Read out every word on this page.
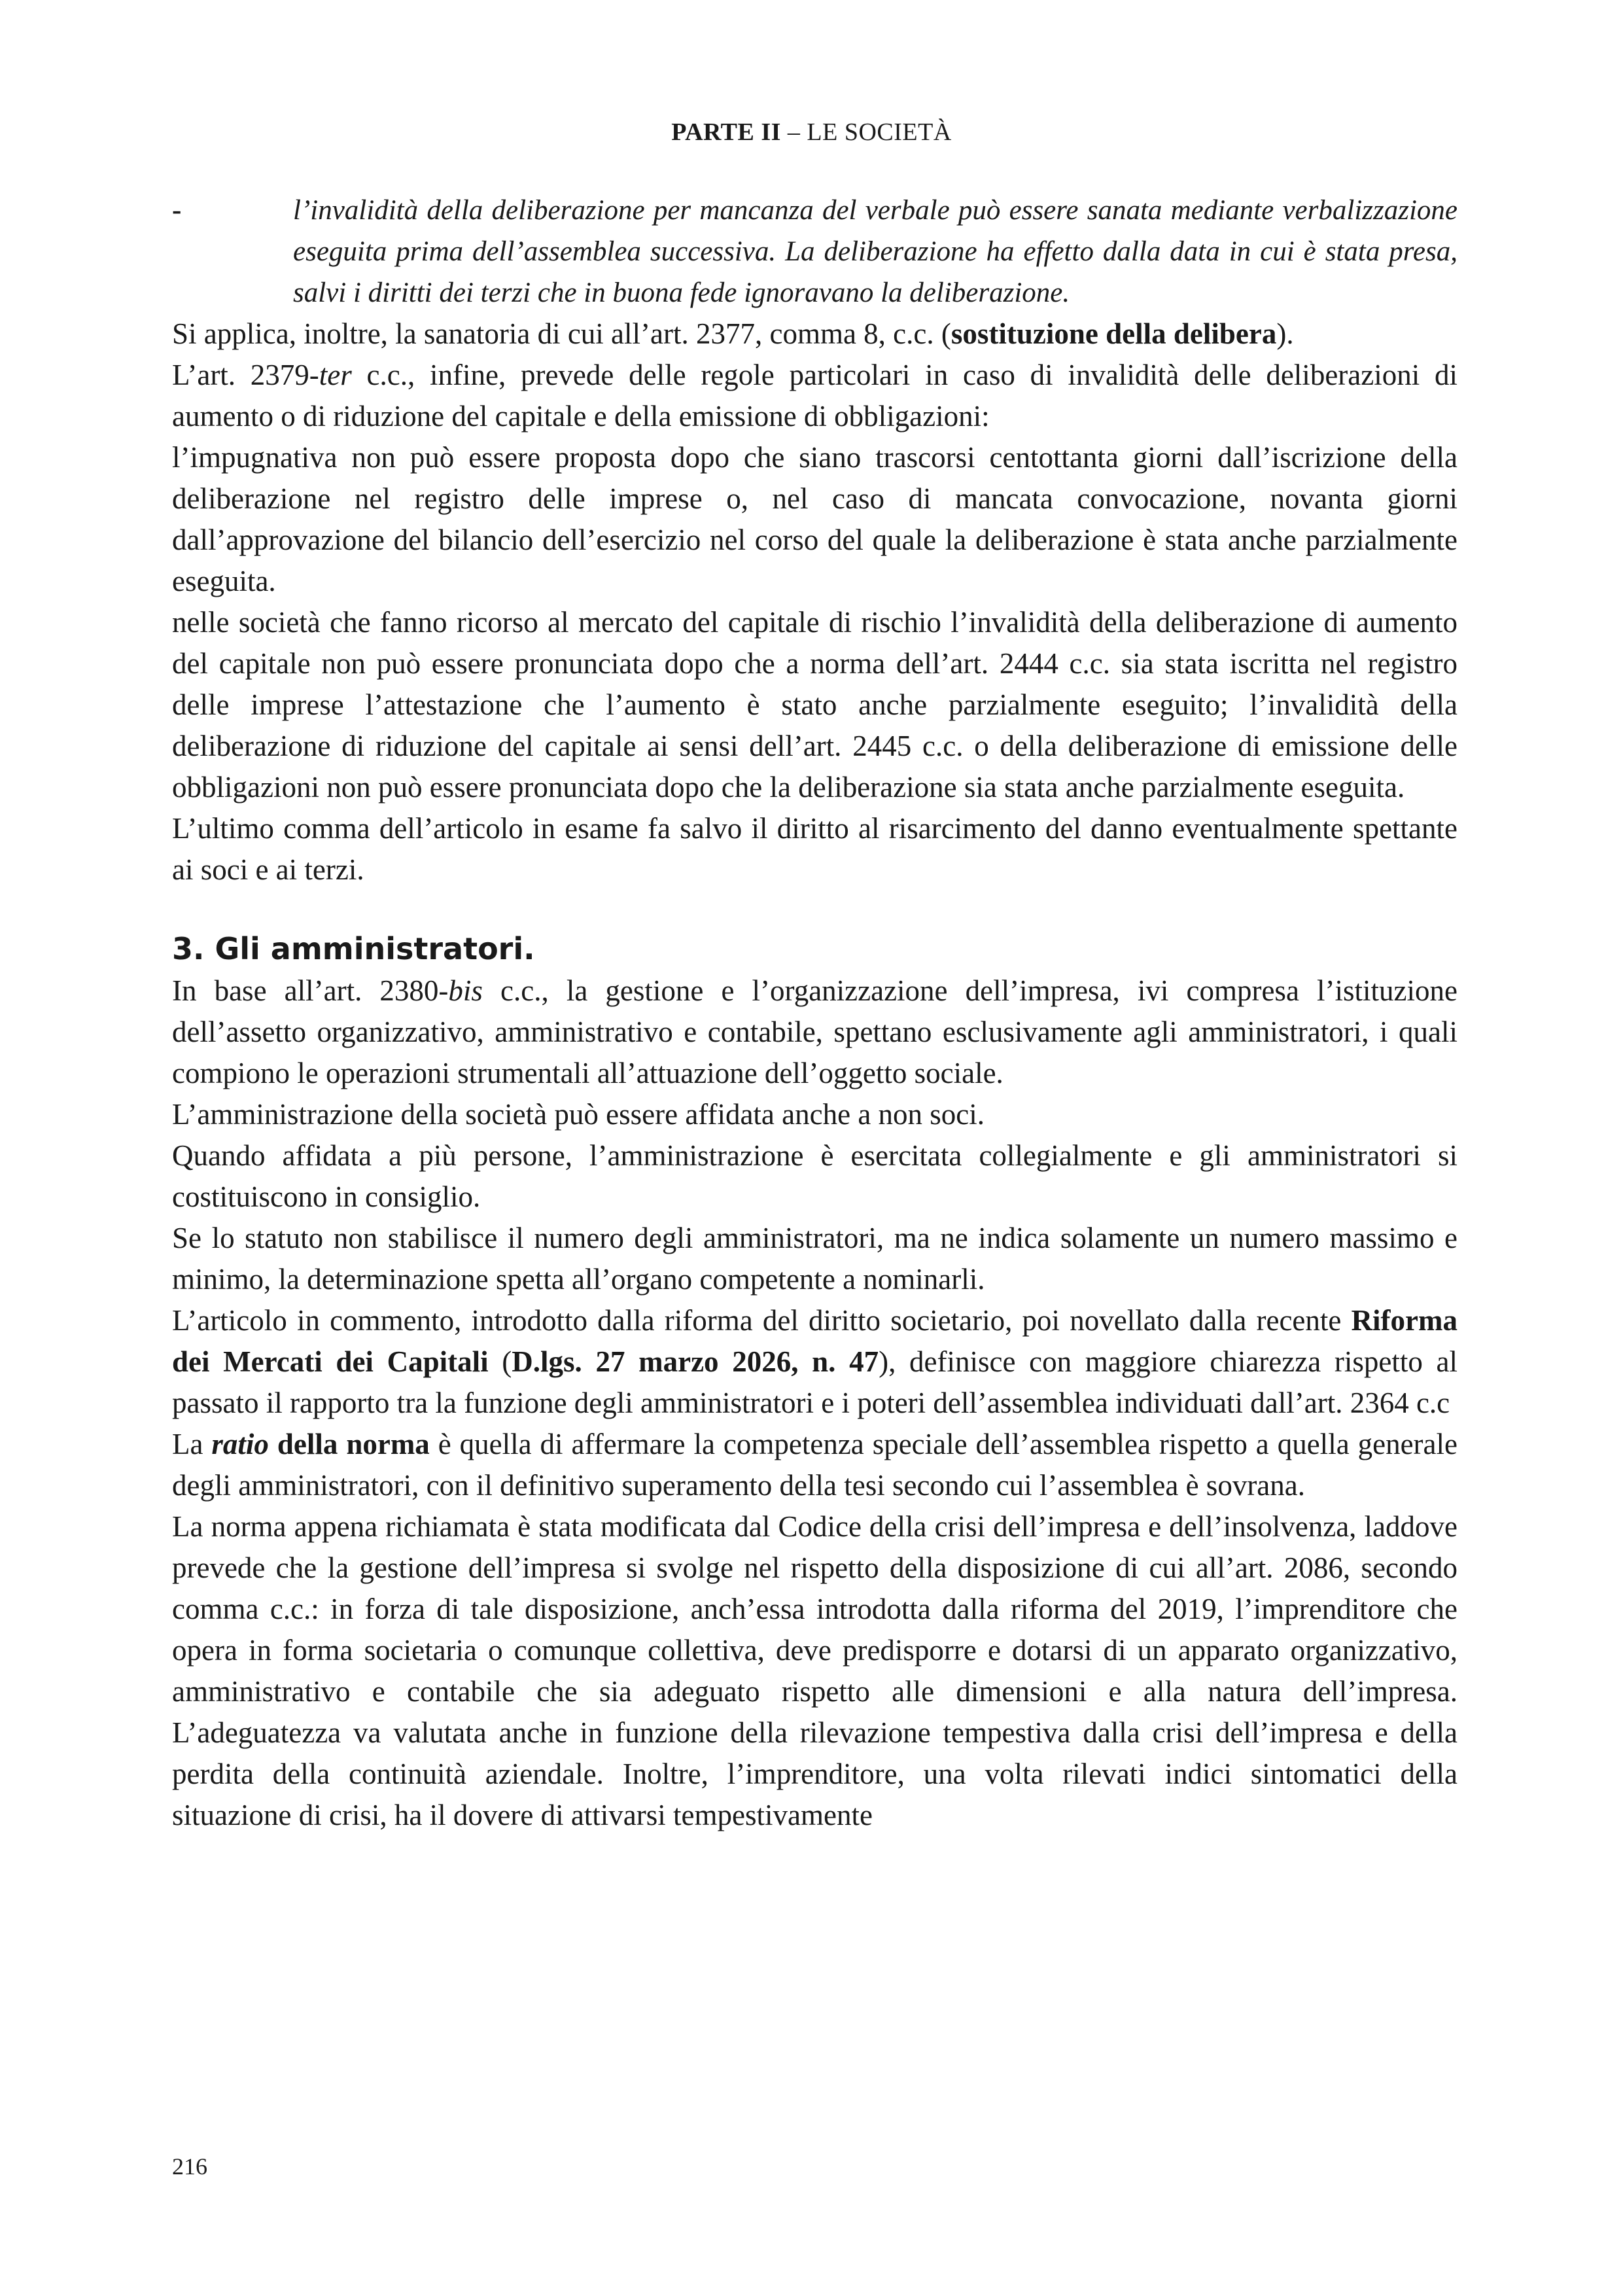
PARTE II – LE SOCIETÀ
-	l’invalidità della deliberazione per mancanza del verbale può essere sanata mediante verbalizzazione eseguita prima dell’assemblea successiva. La deliberazione ha effetto dalla data in cui è stata presa, salvi i diritti dei terzi che in buona fede ignoravano la deliberazione.

Si applica, inoltre, la sanatoria di cui all’art. 2377, comma 8, c.c. (sostituzione della delibera).

L’art. 2379-ter c.c., infine, prevede delle regole particolari in caso di invalidità delle deliberazioni di aumento o di riduzione del capitale e della emissione di obbligazioni:

l’impugnativa non può essere proposta dopo che siano trascorsi centottanta giorni dall’iscrizione della deliberazione nel registro delle imprese o, nel caso di mancata convocazione, novanta giorni dall’approvazione del bilancio dell’esercizio nel corso del quale la deliberazione è stata anche parzialmente eseguita.

nelle società che fanno ricorso al mercato del capitale di rischio l’invalidità della deliberazione di aumento del capitale non può essere pronunciata dopo che a norma dell’art. 2444 c.c. sia stata iscritta nel registro delle imprese l’attestazione che l’aumento è stato anche parzialmente eseguito; l’invalidità della deliberazione di riduzione del capitale ai sensi dell’art. 2445 c.c. o della deliberazione di emissione delle obbligazioni non può essere pronunciata dopo che la deliberazione sia stata anche parzialmente eseguita.

L’ultimo comma dell’articolo in esame fa salvo il diritto al risarcimento del danno eventualmente spettante ai soci e ai terzi.

3. Gli amministratori.

In base all’art. 2380-bis c.c., la gestione e l’organizzazione dell’impresa, ivi compresa l’istituzione dell’assetto organizzativo, amministrativo e contabile, spettano esclusivamente agli amministratori, i quali compiono le operazioni strumentali all’attuazione dell’oggetto sociale.

L’amministrazione della società può essere affidata anche a non soci.

Quando affidata a più persone, l’amministrazione è esercitata collegialmente e gli amministratori si costituiscono in consiglio.

Se lo statuto non stabilisce il numero degli amministratori, ma ne indica solamente un numero massimo e minimo, la determinazione spetta all’organo competente a nominarli.

L’articolo in commento, introdotto dalla riforma del diritto societario, poi novellato dalla recente Riforma dei Mercati dei Capitali (D.lgs. 27 marzo 2026, n. 47), definisce con maggiore chiarezza rispetto al passato il rapporto tra la funzione degli amministratori e i poteri dell’assemblea individuati dall’art. 2364 c.c

La ratio della norma è quella di affermare la competenza speciale dell’assemblea rispetto a quella generale degli amministratori, con il definitivo superamento della tesi secondo cui l’assemblea è sovrana.

La norma appena richiamata è stata modificata dal Codice della crisi dell’impresa e dell’insolvenza, laddove prevede che la gestione dell’impresa si svolge nel rispetto della disposizione di cui all’art. 2086, secondo comma c.c.: in forza di tale disposizione, anch’essa introdotta dalla riforma del 2019, l’imprenditore che opera in forma societaria o comunque collettiva, deve predisporre e dotarsi di un apparato organizzativo, amministrativo e contabile che sia adeguato rispetto alle dimensioni e alla natura dell’impresa. L’adeguatezza va valutata anche in funzione della rilevazione tempestiva dalla crisi dell’impresa e della perdita della continuità aziendale. Inoltre, l’imprenditore, una volta rilevati indici sintomatici della situazione di crisi, ha il dovere di attivarsi tempestivamente

216
